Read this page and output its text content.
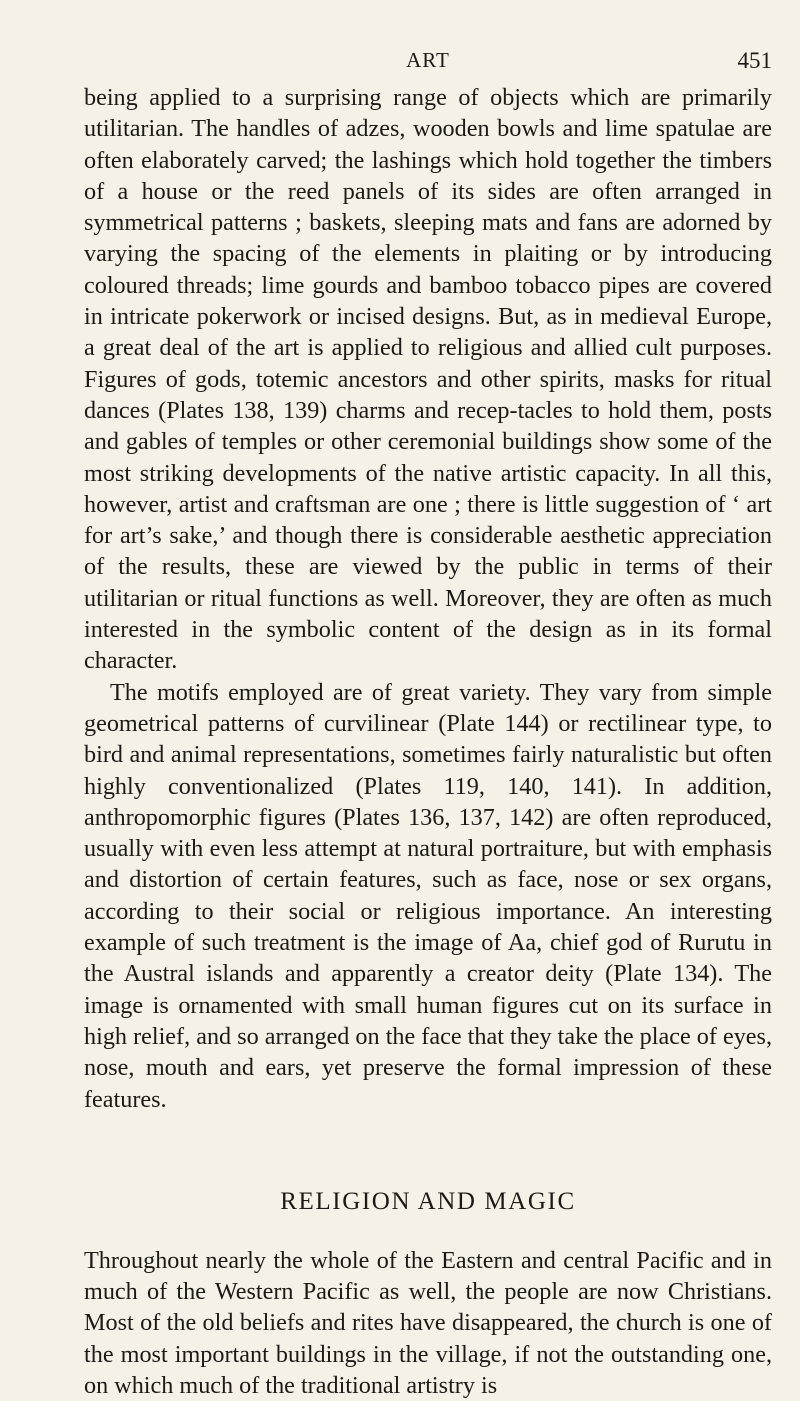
ART	451

being applied to a surprising range of objects which are primarily utilitarian. The handles of adzes, wooden bowls and lime spatulae are often elaborately carved; the lashings which hold together the timbers of a house or the reed panels of its sides are often arranged in symmetrical patterns ; baskets, sleeping mats and fans are adorned by varying the spacing of the elements in plaiting or by introducing coloured threads; lime gourds and bamboo tobacco pipes are covered in intricate pokerwork or incised designs. But, as in medieval Europe, a great deal of the art is applied to religious and allied cult purposes. Figures of gods, totemic ancestors and other spirits, masks for ritual dances (Plates 138, 139) charms and recep-tacles to hold them, posts and gables of temples or other ceremonial buildings show some of the most striking developments of the native artistic capacity. In all this, however, artist and craftsman are one ; there is little suggestion of ‘ art for art’s sake,’ and though there is considerable aesthetic appreciation of the results, these are viewed by the public in terms of their utilitarian or ritual functions as well. Moreover, they are often as much interested in the symbolic content of the design as in its formal character.

The motifs employed are of great variety. They vary from simple geometrical patterns of curvilinear (Plate 144) or rectilinear type, to bird and animal representations, sometimes fairly naturalistic but often highly conventionalized (Plates 119, 140, 141). In addition, anthropomorphic figures (Plates 136, 137, 142) are often reproduced, usually with even less attempt at natural portraiture, but with emphasis and distortion of certain features, such as face, nose or sex organs, according to their social or religious importance. An interesting example of such treatment is the image of Aa, chief god of Rurutu in the Austral islands and apparently a creator deity (Plate 134). The image is ornamented with small human figures cut on its surface in high relief, and so arranged on the face that they take the place of eyes, nose, mouth and ears, yet preserve the formal impression of these features.

RELIGION AND MAGIC

Throughout nearly the whole of the Eastern and central Pacific and in much of the Western Pacific as well, the people are now Christians. Most of the old beliefs and rites have disappeared, the church is one of the most important buildings in the village, if not the outstanding one, on which much of the traditional artistry is
